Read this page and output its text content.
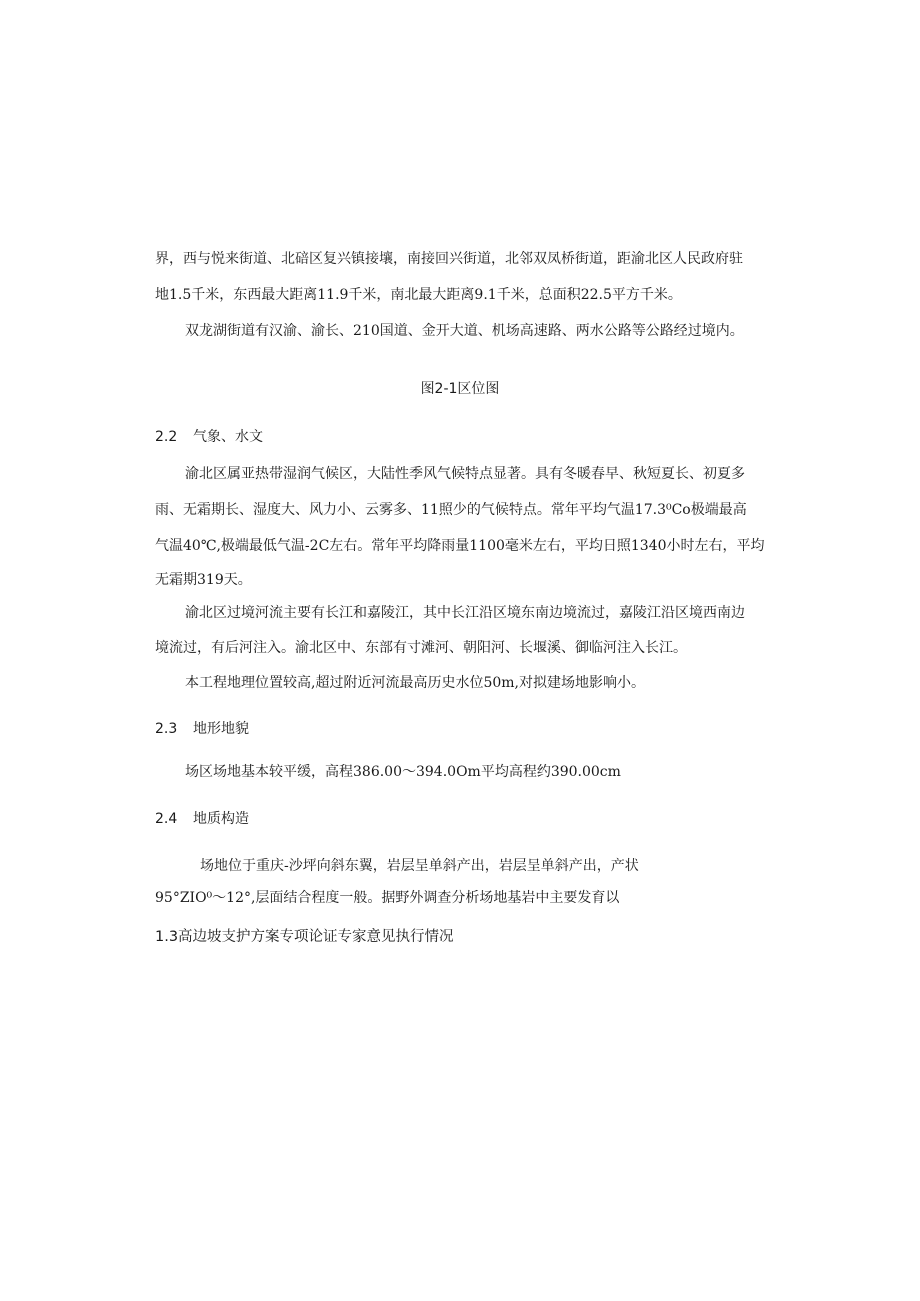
界，西与悦来街道、北碚区复兴镇接壤，南接回兴街道，北邻双凤桥街道，距渝北区人民政府驻
地1.5千米，东西最大距离11.9千米，南北最大距离9.1千米，总面积22.5平方千米。
双龙湖街道有汉渝、渝长、210国道、金开大道、机场高速路、两水公路等公路经过境内。
图2-1区位图
2.2 气象、水文
渝北区属亚热带湿润气候区，大陆性季风气候特点显著。具有冬暖春早、秋短夏长、初夏多
雨、无霜期长、湿度大、风力小、云雾多、11照少的气候特点。常年平均气温17.3⁰Co极端最高
气温40℃,极端最低气温-2C左右。常年平均降雨量1100毫米左右，平均日照1340小时左右，平均
无霜期319天。
渝北区过境河流主要有长江和嘉陵江，其中长江沿区境东南边境流过，嘉陵江沿区境西南边
境流过，有后河注入。渝北区中、东部有寸滩河、朝阳河、长堰溪、御临河注入长江。
本工程地理位置较高,超过附近河流最高历史水位50m,对拟建场地影响小。
2.3 地形地貌
场区场地基本较平缓，高程386.00～394.0Om平均高程约390.00cm
2.4 地质构造
场地位于重庆-沙坪向斜东翼，岩层呈单斜产出，岩层呈单斜产出，产状
95°ZIO⁰～12°,层面结合程度一般。据野外调查分析场地基岩中主要发育以
1.3高边坡支护方案专项论证专家意见执行情况
